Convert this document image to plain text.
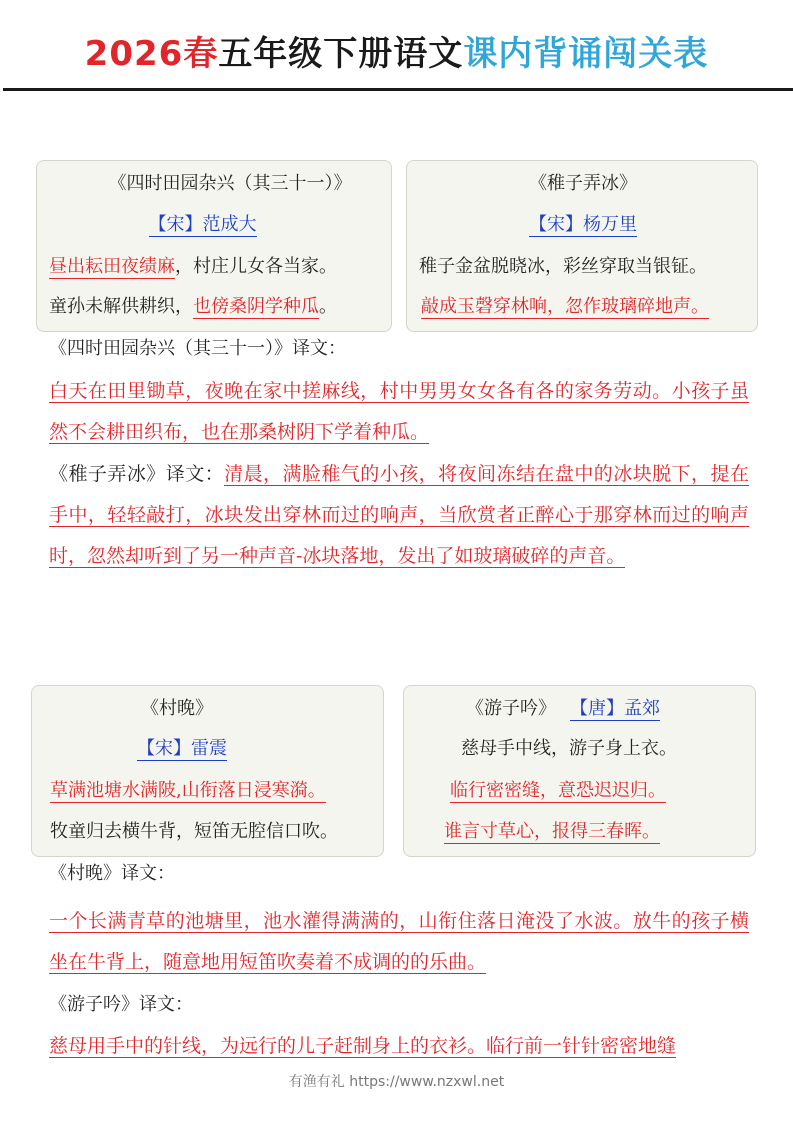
2026春五年级下册语文课内背诵闯关表
《四时田园杂兴（其三十一）》
【宋】范成大
昼出耘田夜绩麻，村庄儿女各当家。
童孙未解供耕织，也傍桑阴学种瓜。
《稚子弄冰》
【宋】杨万里
稚子金盆脱晓冰，彩丝穿取当银钲。
敲成玉磬穿林响，忽作玻璃碎地声。
《四时田园杂兴（其三十一）》译文：
白天在田里锄草，夜晚在家中搓麻线，村中男男女女各有各的家务劳动。小孩子虽然不会耕田织布，也在那桑树阴下学着种瓜。
《稚子弄冰》译文：清晨，满脸稚气的小孩，将夜间冻结在盘中的冰块脱下，提在手中，轻轻敲打，冰块发出穿林而过的响声，当欣赏者正醉心于那穿林而过的响声时，忽然却听到了另一种声音-冰块落地，发出了如玻璃破碎的声音。
《村晚》
【宋】雷震
草满池塘水满陂,山衔落日浸寒漪。
牧童归去横牛背，短笛无腔信口吹。
《游子吟》 【唐】孟郊
慈母手中线，游子身上衣。
临行密密缝，意恐迟迟归。
谁言寸草心，报得三春晖。
《村晚》译文：
一个长满青草的池塘里，池水灌得满满的，山衔住落日淹没了水波。放牛的孩子横坐在牛背上，随意地用短笛吹奏着不成调的的乐曲。
《游子吟》译文：
慈母用手中的针线，为远行的儿子赶制身上的衣衫。临行前一针针密密地缝
有渔有礼 https://www.nzxwl.net
